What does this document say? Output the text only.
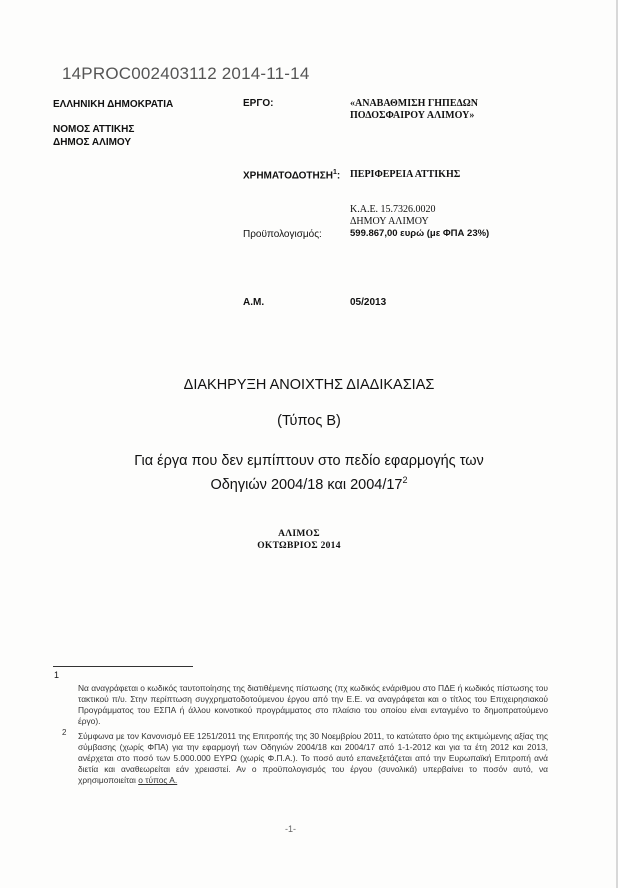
14PROC002403112 2014-11-14
ΕΛΛΗΝΙΚΗ ΔΗΜΟΚΡΑΤΙΑ
ΝΟΜΟΣ ΑΤΤΙΚΗΣ
ΔΗΜΟΣ ΑΛΙΜΟΥ
ΕΡΓΟ:	«ΑΝΑΒΑΘΜΙΣΗ ΓΗΠΕΔΩΝ
ΠΟΔΟΣΦΑΙΡΟΥ ΑΛΙΜΟΥ»
ΧΡΗΜΑΤΟΔΟΤΗΣΗ$^1$: ΠΕΡΙΦΕΡΕΙΑ ΑΤΤΙΚΗΣ
Κ.Α.Ε. 15.7326.0020
ΔΗΜΟΥ ΑΛΙΜΟΥ
Προϋπολογισμός:	599.867,00 ευρώ (με ΦΠΑ 23%)
Α.Μ.	05/2013
ΔΙΑΚΗΡΥΞΗ ΑΝΟΙΧΤΗΣ ΔΙΑΔΙΚΑΣΙΑΣ
(Τύπος Β)
Για έργα που δεν εμπίπτουν στο πεδίο εφαρμογής των
Οδηγιών 2004/18 και $2004/17^2$
ΑΛΙΜΟΣ
ΟΚΤΩΒΡΙΟΣ 2014
1
Να αναγράφεται ο κωδικός ταυτοποίησης της διατιθέμενης πίστωσης (πχ κωδικός ενάριθμου στο ΠΔΕ ή κωδικός πίστωσης του τακτικού π/υ. Στην περίπτωση συγχρηματοδοτούμενου έργου από την Ε.Ε. να αναγράφεται και ο τίτλος του Επιχειρησιακού Προγράμματος του ΕΣΠΑ ή άλλου κοινοτικού προγράμματος στο πλαίσιο του οποίου είναι ενταγμένο το δημοπρατούμενο έργο).
2 Σύμφωνα με τον Κανονισμό ΕΕ 1251/2011 της Επιτροπής της 30 Νοεμβρίου 2011, το κατώτατο όριο της εκτιμώμενης αξίας της σύμβασης (χωρίς ΦΠΑ) για την εφαρμογή των Οδηγιών 2004/18 και 2004/17 από 1-1-2012 και για τα έτη 2012 και 2013, ανέρχεται στο ποσό των 5.000.000 ΕΥΡΩ (χωρίς Φ.Π.Α.). Το ποσό αυτό επανεξετάζεται από την Ευρωπαϊκή Επιτροπή ανά διετία και αναθεωρείται εάν χρειαστεί. Αν ο προϋπολογισμός του έργου (συνολικά) υπερβαίνει το ποσόν αυτό, να χρησιμοποιείται ο τύπος Α.
-1-
